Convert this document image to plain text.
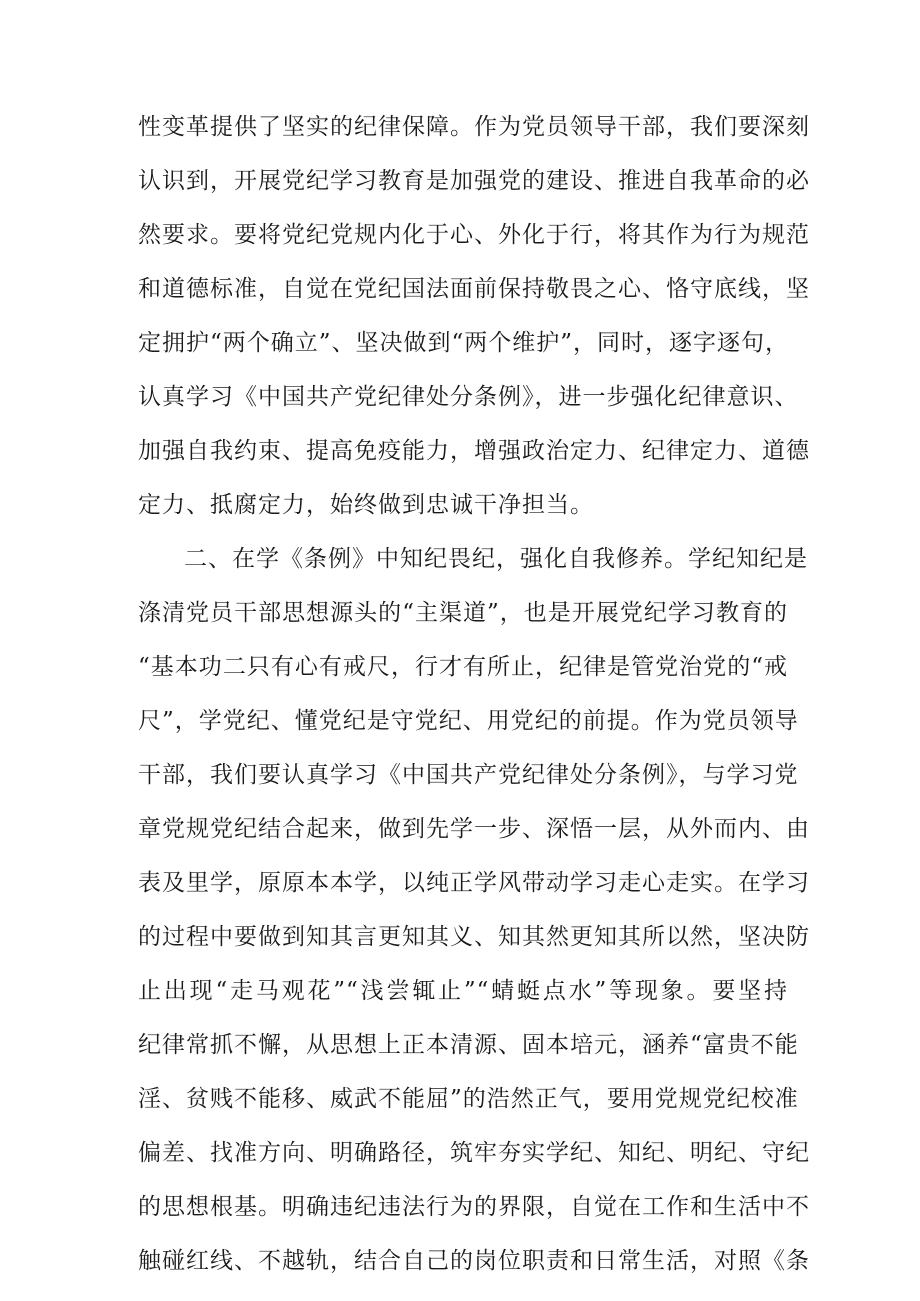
性变革提供了坚实的纪律保障。作为党员领导干部，我们要深刻
认识到，开展党纪学习教育是加强党的建设、推进自我革命的必
然要求。要将党纪党规内化于心、外化于行，将其作为行为规范
和道德标准，自觉在党纪国法面前保持敬畏之心、恪守底线，坚
定拥护“两个确立”、坚决做到“两个维护”，同时，逐字逐句，
认真学习《中国共产党纪律处分条例》，进一步强化纪律意识、
加强自我约束、提高免疫能力，增强政治定力、纪律定力、道德
定力、抵腐定力，始终做到忠诚干净担当。
二、在学《条例》中知纪畏纪，强化自我修养。学纪知纪是
涤清党员干部思想源头的“主渠道”，也是开展党纪学习教育的
“基本功二只有心有戒尺，行才有所止，纪律是管党治党的“戒
尺”，学党纪、懂党纪是守党纪、用党纪的前提。作为党员领导
干部，我们要认真学习《中国共产党纪律处分条例》，与学习党
章党规党纪结合起来，做到先学一步、深悟一层，从外而内、由
表及里学，原原本本学，以纯正学风带动学习走心走实。在学习
的过程中要做到知其言更知其义、知其然更知其所以然，坚决防
止出现“走马观花”“浅尝辄止”“蜻蜓点水”等现象。要坚持
纪律常抓不懈，从思想上正本清源、固本培元，涵养“富贵不能
淫、贫贱不能移、威武不能屈”的浩然正气，要用党规党纪校准
偏差、找准方向、明确路径，筑牢夯实学纪、知纪、明纪、守纪
的思想根基。明确违纪违法行为的界限，自觉在工作和生活中不
触碰红线、不越轨，结合自己的岗位职责和日常生活，对照《条
